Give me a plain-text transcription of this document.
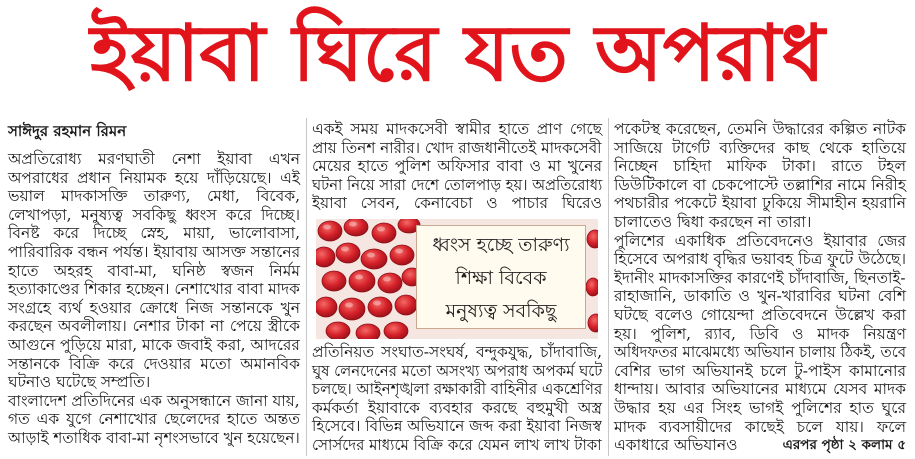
ইয়াবা ঘিরে যত অপরাধ
সাঈদুর রহমান রিমন
অপ্রতিরোধ্য মরণঘাতী নেশা ইয়াবা এখন
অপরাধের প্রধান নিয়ামক হয়ে দাঁড়িয়েছে। এই
ভয়াল মাদকাসক্তি তারুণ্য, মেধা, বিবেক,
লেখাপড়া, মনুষ্যত্ব সবকিছু ধ্বংস করে দিচ্ছে।
বিনষ্ট করে দিচ্ছে স্নেহ, মায়া, ভালোবাসা,
পারিবারিক বন্ধন পর্যন্ত। ইয়াবায় আসক্ত সন্তানের
হাতে অহরহ বাবা-মা, ঘনিষ্ঠ স্বজন নির্মম
হত্যাকাণ্ডের শিকার হচ্ছেন। নেশাখোর বাবা মাদক
সংগ্রহে ব্যর্থ হওয়ার ক্রোধে নিজ সন্তানকে খুন
করছেন অবলীলায়। নেশার টাকা না পেয়ে স্ত্রীকে
আগুনে পুড়িয়ে মারা, মাকে জবাই করা, আদরের
সন্তানকে বিক্রি করে দেওয়ার মতো অমানবিক
ঘটনাও ঘটেছে সম্প্রতি।
বাংলাদেশ প্রতিদিনের এক অনুসন্ধানে জানা যায়,
গত এক যুগে নেশাখোর ছেলেদের হাতে অন্তত
আড়াই শতাধিক বাবা-মা নৃশংসভাবে খুন হয়েছেন।
একই সময় মাদকসেবী স্বামীর হাতে প্রাণ গেছে
প্রায় তিনশ নারীর। খোদ রাজধানীতেই মাদকসেবী
মেয়ের হাতে পুলিশ অফিসার বাবা ও মা খুনের
ঘটনা নিয়ে সারা দেশে তোলপাড় হয়। অপ্রতিরোধ্য
ইয়াবা সেবন, কেনাবেচা ও পাচার ঘিরেও
ধ্বংস হচ্ছে তারুণ্য
শিক্ষা বিবেক
মনুষ্যত্ব সবকিছু
প্রতিনিয়ত সংঘাত-সংঘর্ষ, বন্দুকযুদ্ধ, চাঁদাবাজি,
ঘুষ লেনদেনের মতো অসংখ্য অপরাধ অপকর্ম ঘটে
চলছে। আইনশৃঙ্খলা রক্ষাকারী বাহিনীর একশ্রেণির
কর্মকর্তা ইয়াবাকে ব্যবহার করছে বহুমুখী অস্ত্র
হিসেবে। বিভিন্ন অভিযানে জব্দ করা ইয়াবা নিজস্ব
সোর্সদের মাধ্যমে বিক্রি করে যেমন লাখ লাখ টাকা
পকেটস্থ করেছেন, তেমনি উদ্ধারের কল্পিত নাটক
সাজিয়ে টার্গেট ব্যক্তিদের কাছ থেকে হাতিয়ে
নিচ্ছেন চাহিদা মাফিক টাকা। রাতে টহল
ডিউটিকালে বা চেকপোস্টে তল্লাশির নামে নিরীহ
পথচারীর পকেটে ইয়াবা ঢুকিয়ে সীমাহীন হয়রানি
চালাতেও দ্বিধা করছেন না তারা।
পুলিশের একাধিক প্রতিবেদনেও ইয়াবার জের
হিসেবে অপরাধ বৃদ্ধির ভয়াবহ চিত্র ফুটে উঠেছে।
ইদানীং মাদকাসক্তির কারণেই চাঁদাবাজি, ছিনতাই-
রাহাজানি, ডাকাতি ও খুন-খারাবির ঘটনা বেশি
ঘটছে বলেও গোয়েন্দা প্রতিবেদনে উল্লেখ করা
হয়। পুলিশ, র‍্যাব, ডিবি ও মাদক নিয়ন্ত্রণ
অধিদফতর মাঝেমধ্যে অভিযান চালায় ঠিকই, তবে
বেশির ভাগ অভিযানই চলে টু-পাইস কামানোর
ধান্দায়। আবার অভিযানের মাধ্যমে যেসব মাদক
উদ্ধার হয় এর সিংহ ভাগই পুলিশের হাত ঘুরে
মাদক ব্যবসায়ীদের কাছেই চলে যায়। ফলে
একাধারে অভিযানও	এরপর পৃষ্ঠা ২ কলাম ৫
